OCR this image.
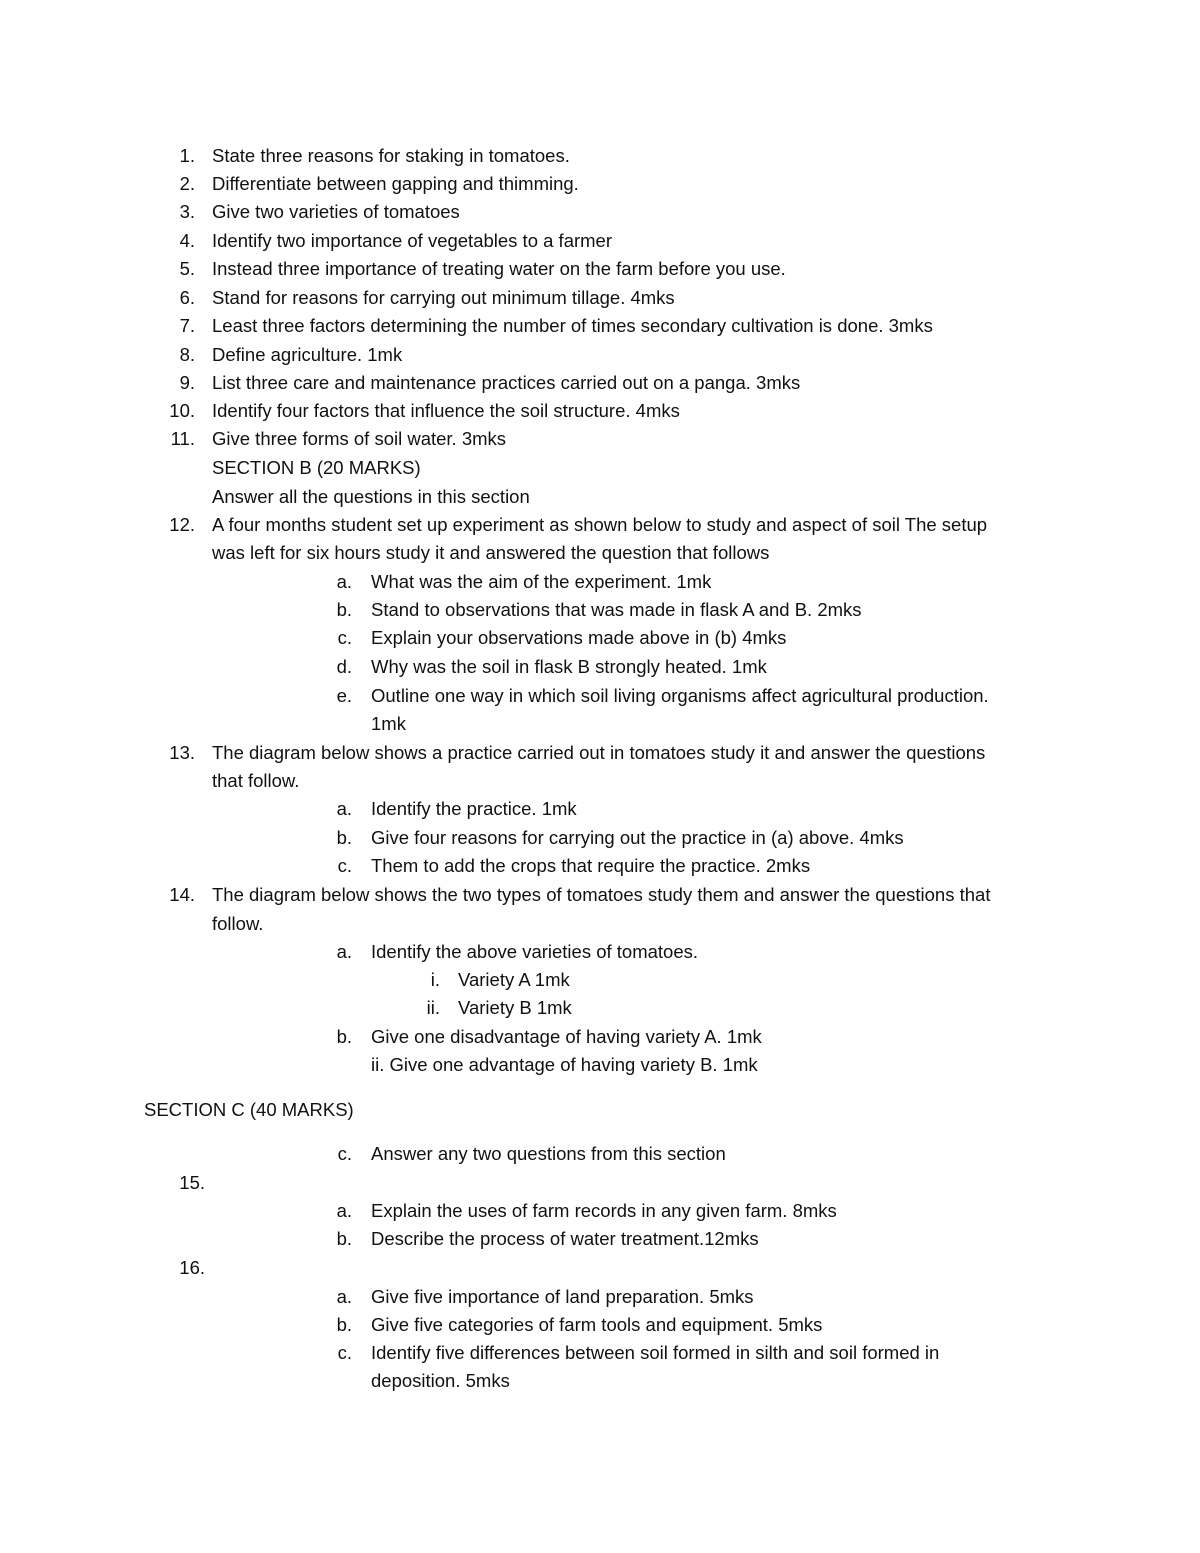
1. State three reasons for staking in tomatoes.
2. Differentiate between gapping and thimming.
3. Give two varieties of tomatoes
4. Identify two importance of vegetables to a farmer
5. Instead three importance of treating water on the farm before you use.
6. Stand for reasons for carrying out minimum tillage. 4mks
7. Least three factors determining the number of times secondary cultivation is done. 3mks
8. Define agriculture. 1mk
9. List three care and maintenance practices carried out on a panga. 3mks
10. Identify four factors that influence the soil structure. 4mks
11. Give three forms of soil water. 3mks
SECTION B (20 MARKS)
Answer all the questions in this section
12. A four months student set up experiment as shown below to study and aspect of soil The setup
was left for six hours study it and answered the question that follows
a. What was the aim of the experiment. 1mk
b. Stand to observations that was made in flask A and B. 2mks
c. Explain your observations made above in (b) 4mks
d. Why was the soil in flask B strongly heated. 1mk
e. Outline one way in which soil living organisms affect agricultural production.
1mk
13. The diagram below shows a practice carried out in tomatoes study it and answer the questions
that follow.
a. Identify the practice. 1mk
b. Give four reasons for carrying out the practice in (a) above. 4mks
c. Them to add the crops that require the practice. 2mks
14. The diagram below shows the two types of tomatoes study them and answer the questions that
follow.
a. Identify the above varieties of tomatoes.
i. Variety A 1mk
ii. Variety B 1mk
b. Give one disadvantage of having variety A. 1mk
ii. Give one advantage of having variety B. 1mk
SECTION C (40 MARKS)
c. Answer any two questions from this section
15.
a. Explain the uses of farm records in any given farm. 8mks
b. Describe the process of water treatment.12mks
16.
a. Give five importance of land preparation. 5mks
b. Give five categories of farm tools and equipment. 5mks
c. Identify five differences between soil formed in silth and soil formed in
deposition. 5mks
